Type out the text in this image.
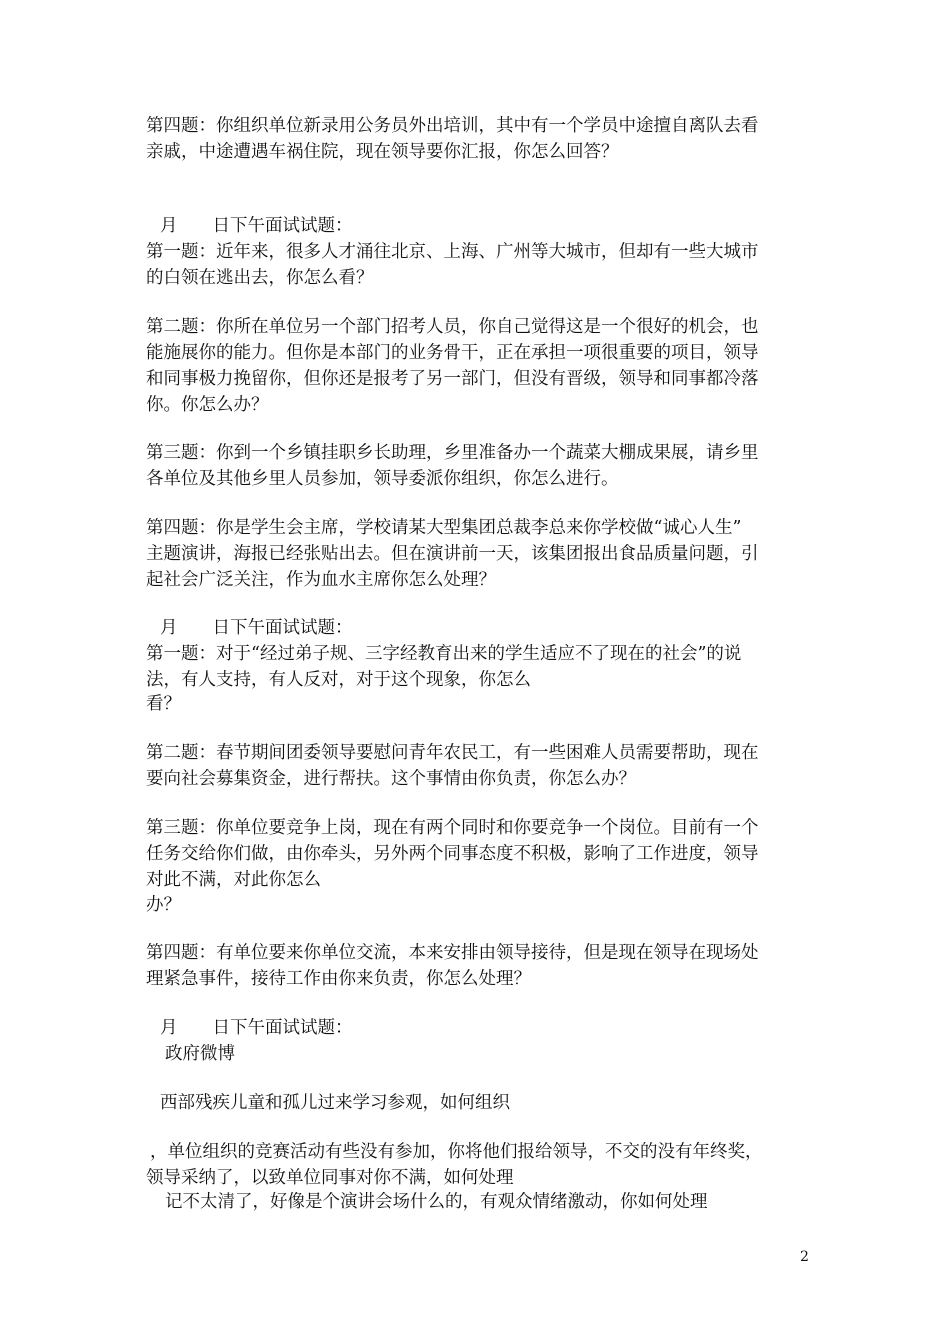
第四题：你组织单位新录用公务员外出培训，其中有一个学员中途擅自离队去看
亲戚，中途遭遇车祸住院，现在领导要你汇报，你怎么回答？
月　　日下午面试试题：
第一题：近年来，很多人才涌往北京、上海、广州等大城市，但却有一些大城市
的白领在逃出去，你怎么看？
第二题：你所在单位另一个部门招考人员，你自己觉得这是一个很好的机会，也
能施展你的能力。但你是本部门的业务骨干，正在承担一项很重要的项目，领导
和同事极力挽留你，但你还是报考了另一部门，但没有晋级，领导和同事都冷落
你。你怎么办？
第三题：你到一个乡镇挂职乡长助理，乡里准备办一个蔬菜大棚成果展，请乡里
各单位及其他乡里人员参加，领导委派你组织，你怎么进行。
第四题：你是学生会主席，学校请某大型集团总裁李总来你学校做“诚心人生”
主题演讲，海报已经张贴出去。但在演讲前一天，该集团报出食品质量问题，引
起社会广泛关注，作为血水主席你怎么处理？
月　　日下午面试试题：
第一题：对于“经过弟子规、三字经教育出来的学生适应不了现在的社会”的说
法，有人支持，有人反对，对于这个现象，你怎么
看？
第二题：春节期间团委领导要慰问青年农民工，有一些困难人员需要帮助，现在
要向社会募集资金，进行帮扶。这个事情由你负责，你怎么办？
第三题：你单位要竞争上岗，现在有两个同时和你要竞争一个岗位。目前有一个
任务交给你们做，由你牵头，另外两个同事态度不积极，影响了工作进度，领导
对此不满，对此你怎么
办？
第四题：有单位要来你单位交流，本来安排由领导接待，但是现在领导在现场处
理紧急事件，接待工作由你来负责，你怎么处理？
月　　日下午面试试题：
政府微博
西部残疾儿童和孤儿过来学习参观，如何组织
，单位组织的竞赛活动有些没有参加，你将他们报给领导，不交的没有年终奖，
领导采纳了，以致单位同事对你不满，如何处理
记不太清了，好像是个演讲会场什么的，有观众情绪激动，你如何处理
2
